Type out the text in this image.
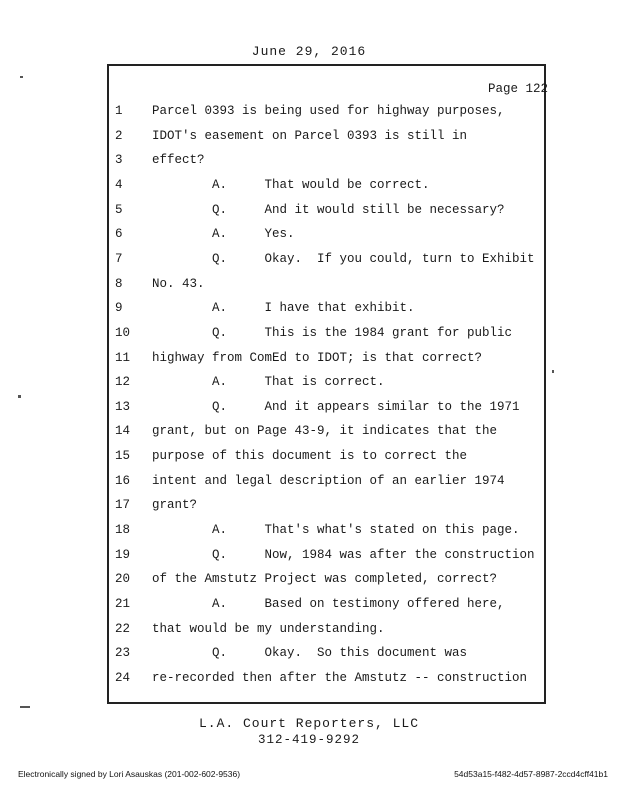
June 29, 2016
Page 122
1	Parcel 0393 is being used for highway purposes,
2	IDOT's easement on Parcel 0393 is still in
3	effect?
4	A.     That would be correct.
5	Q.     And it would still be necessary?
6	A.     Yes.
7	Q.     Okay.  If you could, turn to Exhibit
8	No. 43.
9	A.     I have that exhibit.
10	Q.     This is the 1984 grant for public
11	highway from ComEd to IDOT; is that correct?
12	A.     That is correct.
13	Q.     And it appears similar to the 1971
14	grant, but on Page 43-9, it indicates that the
15	purpose of this document is to correct the
16	intent and legal description of an earlier 1974
17	grant?
18	A.     That's what's stated on this page.
19	Q.     Now, 1984 was after the construction
20	of the Amstutz Project was completed, correct?
21	A.     Based on testimony offered here,
22	that would be my understanding.
23	Q.     Okay.  So this document was
24	re-recorded then after the Amstutz -- construction
L.A. Court Reporters, LLC
312-419-9292
Electronically signed by Lori Asauskas (201-002-602-9536)	54d53a15-f482-4d57-8987-2ccd4cff41b1
